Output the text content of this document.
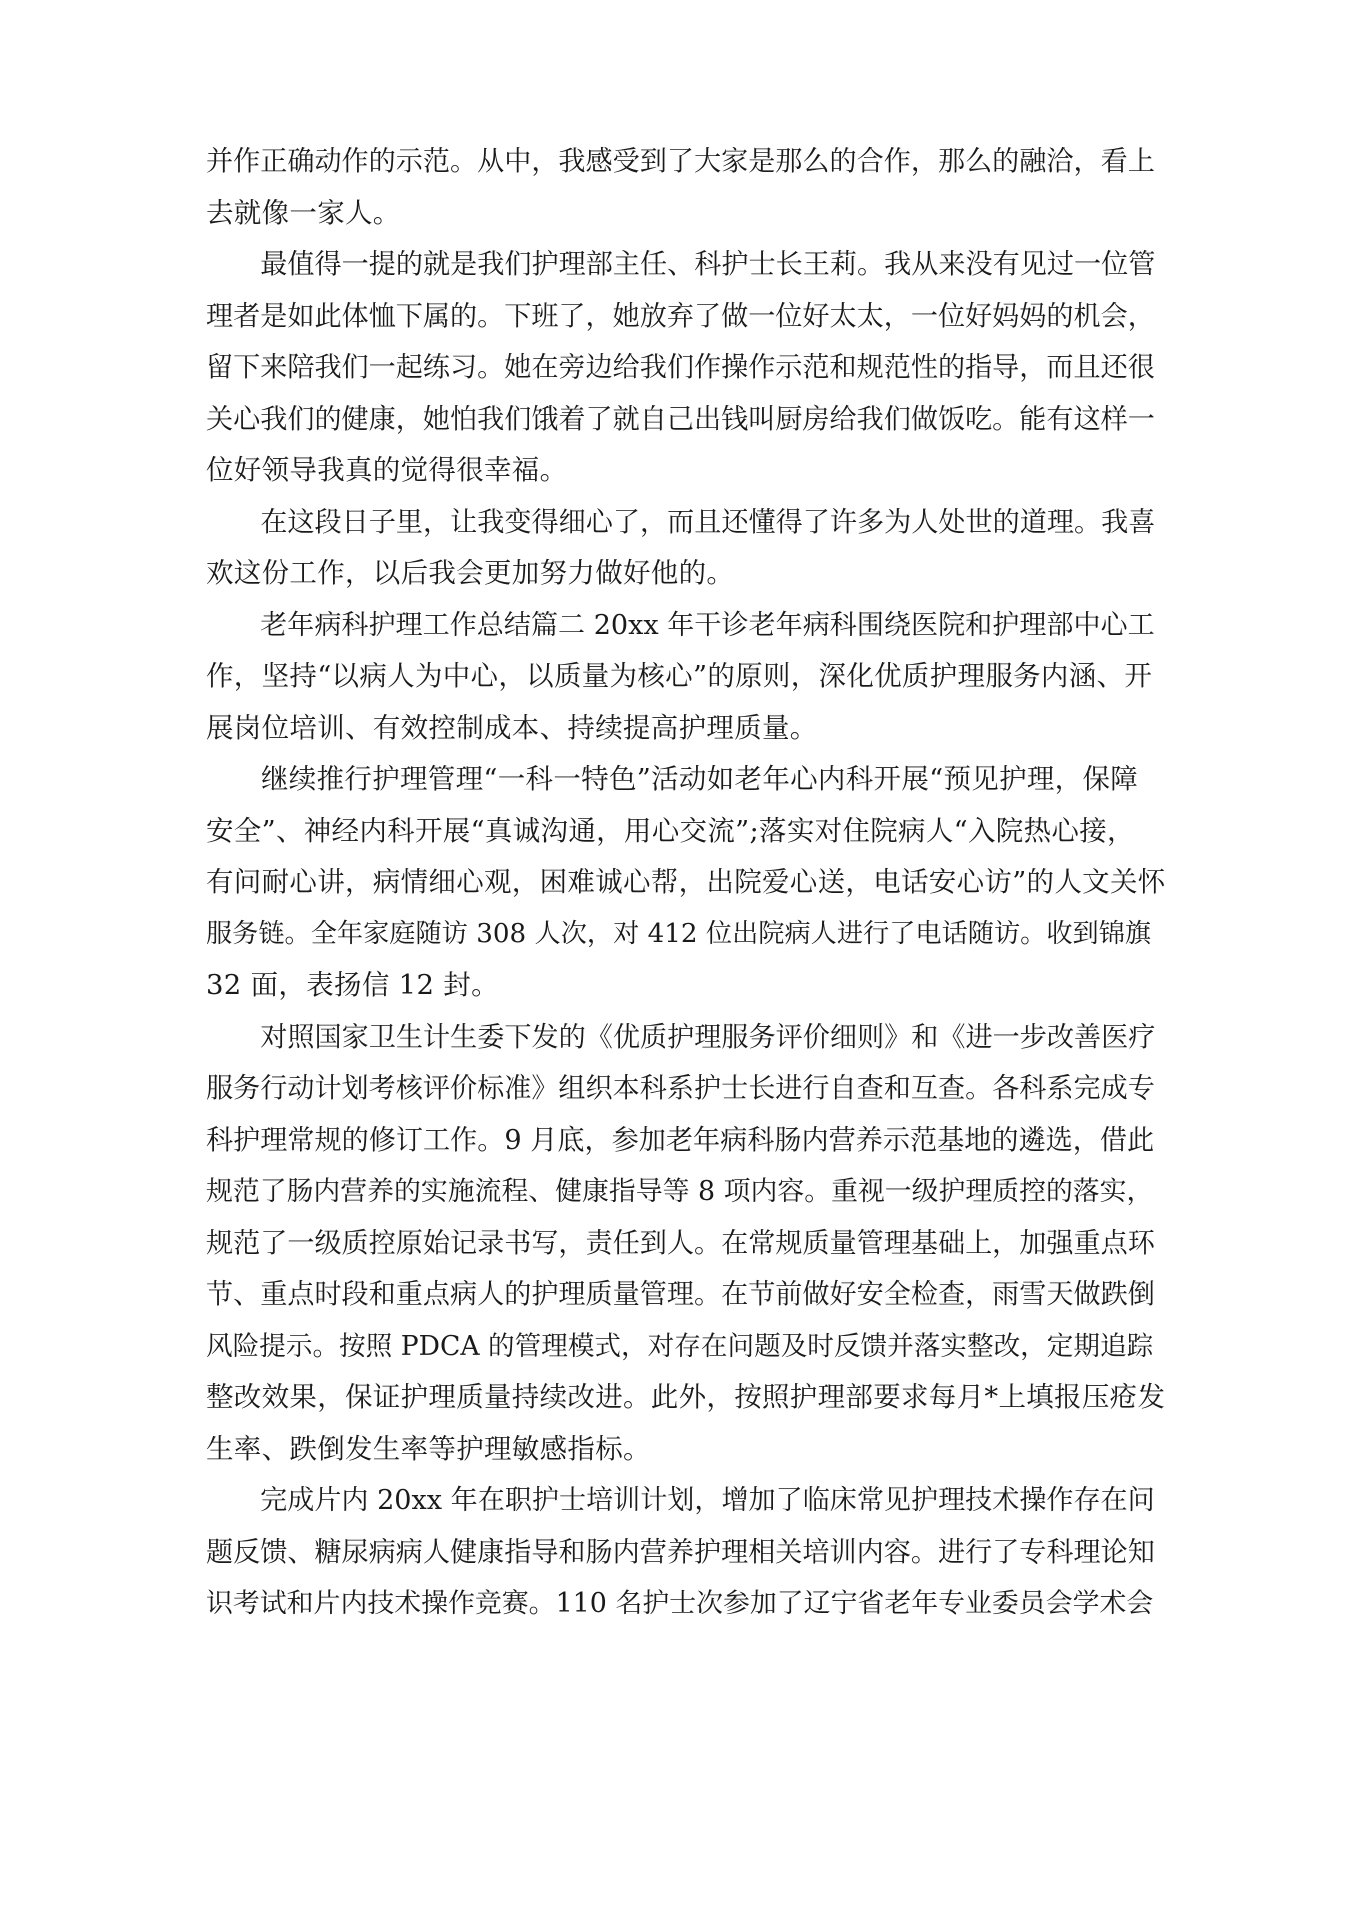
并作正确动作的示范。从中，我感受到了大家是那么的合作，那么的融洽，看上
去就像一家人。
最值得一提的就是我们护理部主任、科护士长王莉。我从来没有见过一位管
理者是如此体恤下属的。下班了，她放弃了做一位好太太，一位好妈妈的机会，
留下来陪我们一起练习。她在旁边给我们作操作示范和规范性的指导，而且还很
关心我们的健康，她怕我们饿着了就自己出钱叫厨房给我们做饭吃。能有这样一
位好领导我真的觉得很幸福。
在这段日子里，让我变得细心了，而且还懂得了许多为人处世的道理。我喜
欢这份工作，以后我会更加努力做好他的。
老年病科护理工作总结篇二 20xx 年干诊老年病科围绕医院和护理部中心工
作，坚持“以病人为中心，以质量为核心”的原则，深化优质护理服务内涵、开
展岗位培训、有效控制成本、持续提高护理质量。
继续推行护理管理“一科一特色”活动如老年心内科开展“预见护理，保障
安全”、神经内科开展“真诚沟通，用心交流”;落实对住院病人“入院热心接，
有问耐心讲，病情细心观，困难诚心帮，出院爱心送，电话安心访”的人文关怀
服务链。全年家庭随访 308 人次，对 412 位出院病人进行了电话随访。收到锦旗
32 面，表扬信 12 封。
对照国家卫生计生委下发的《优质护理服务评价细则》和《进一步改善医疗
服务行动计划考核评价标准》组织本科系护士长进行自查和互查。各科系完成专
科护理常规的修订工作。9 月底，参加老年病科肠内营养示范基地的遴选，借此
规范了肠内营养的实施流程、健康指导等 8 项内容。重视一级护理质控的落实，
规范了一级质控原始记录书写，责任到人。在常规质量管理基础上，加强重点环
节、重点时段和重点病人的护理质量管理。在节前做好安全检查，雨雪天做跌倒
风险提示。按照 PDCA 的管理模式，对存在问题及时反馈并落实整改，定期追踪
整改效果，保证护理质量持续改进。此外，按照护理部要求每月*上填报压疮发
生率、跌倒发生率等护理敏感指标。
完成片内 20xx 年在职护士培训计划，增加了临床常见护理技术操作存在问
题反馈、糖尿病病人健康指导和肠内营养护理相关培训内容。进行了专科理论知
识考试和片内技术操作竞赛。110 名护士次参加了辽宁省老年专业委员会学术会
